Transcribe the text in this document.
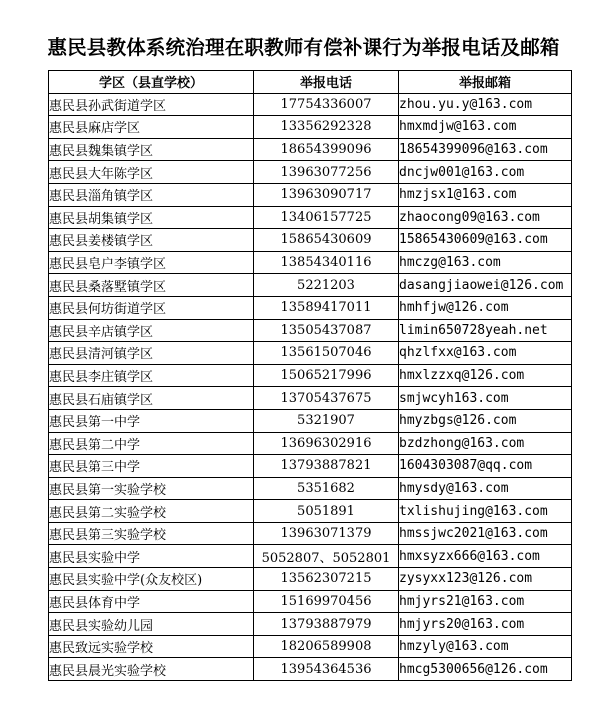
惠民县教体系统治理在职教师有偿补课行为举报电话及邮箱
学区（县直学校）	举报电话	举报邮箱
惠民县孙武街道学区	17754336007	zhou.yu.y@163.com
惠民县麻店学区	13356292328	hmxmdjw@163.com
惠民县魏集镇学区	18654399096	18654399096@163.com
惠民县大年陈学区	13963077256	dncjw001@163.com
惠民县淄角镇学区	13963090717	hmzjsx1@163.com
惠民县胡集镇学区	13406157725	zhaocong09@163.com
惠民县姜楼镇学区	15865430609	15865430609@163.com
惠民县皂户李镇学区	13854340116	hmczg@163.com
惠民县桑落墅镇学区	5221203	dasangjiaowei@126.com
惠民县何坊街道学区	13589417011	hmhfjw@126.com
惠民县辛店镇学区	13505437087	limin650728yeah.net
惠民县清河镇学区	13561507046	qhzlfxx@163.com
惠民县李庄镇学区	15065217996	hmxlzzxq@126.com
惠民县石庙镇学区	13705437675	smjwcyh163.com
惠民县第一中学	5321907	hmyzbgs@126.com
惠民县第二中学	13696302916	bzdzhong@163.com
惠民县第三中学	13793887821	1604303087@qq.com
惠民县第一实验学校	5351682	hmysdy@163.com
惠民县第二实验学校	5051891	txlishujing@163.com
惠民县第三实验学校	13963071379	hmssjwc2021@163.com
惠民县实验中学	5052807、5052801	hmxsyzx666@163.com
惠民县实验中学(众友校区)	13562307215	zysyxx123@126.com
惠民县体育中学	15169970456	hmjyrs21@163.com
惠民县实验幼儿园	13793887979	hmjyrs20@163.com
惠民致远实验学校	18206589908	hmzyly@163.com
惠民县晨光实验学校	13954364536	hmcg5300656@126.com
